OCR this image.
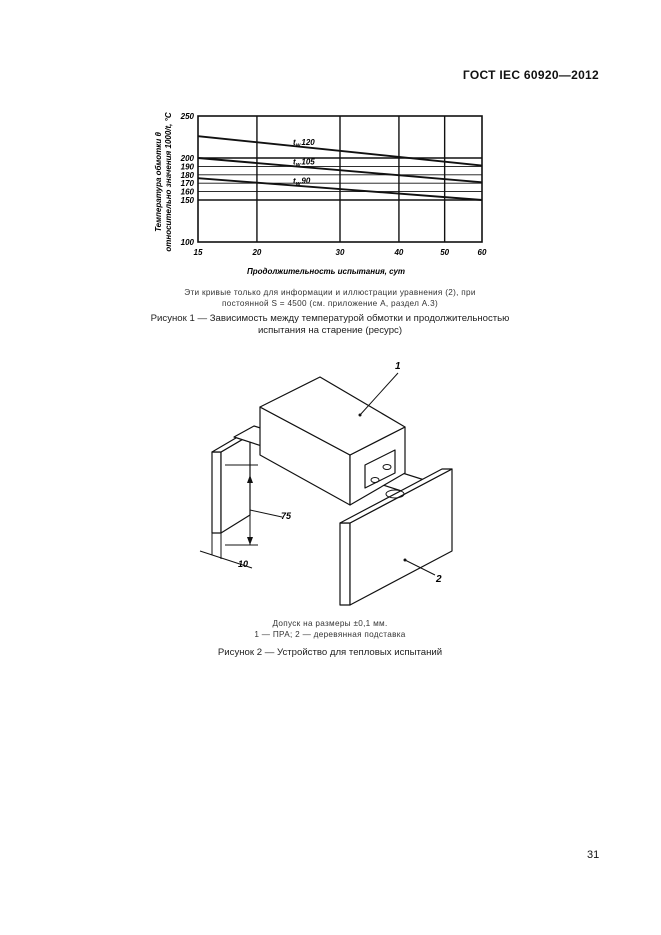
ГОСТ IEC 60920—2012
250
200
190
180
170
160
150
100
15	20	30	40	50	60
$t_w120$
$t_w105$
$t_w90$
Продолжительность испытания, сут
Температура обмотки θ относительно значения 1000/t, °C
Эти кривые только для информации и иллюстрации уравнения (2), при
постоянной S = 4500 (см. приложение А, раздел А.3)
Рисунок 1 — Зависимость между температурой обмотки и продолжительностью
испытания на старение (ресурс)
1
2
75
10
Допуск на размеры ±0,1 мм.
1 — ПРА; 2 — деревянная подставка
Рисунок 2 — Устройство для тепловых испытаний
31
